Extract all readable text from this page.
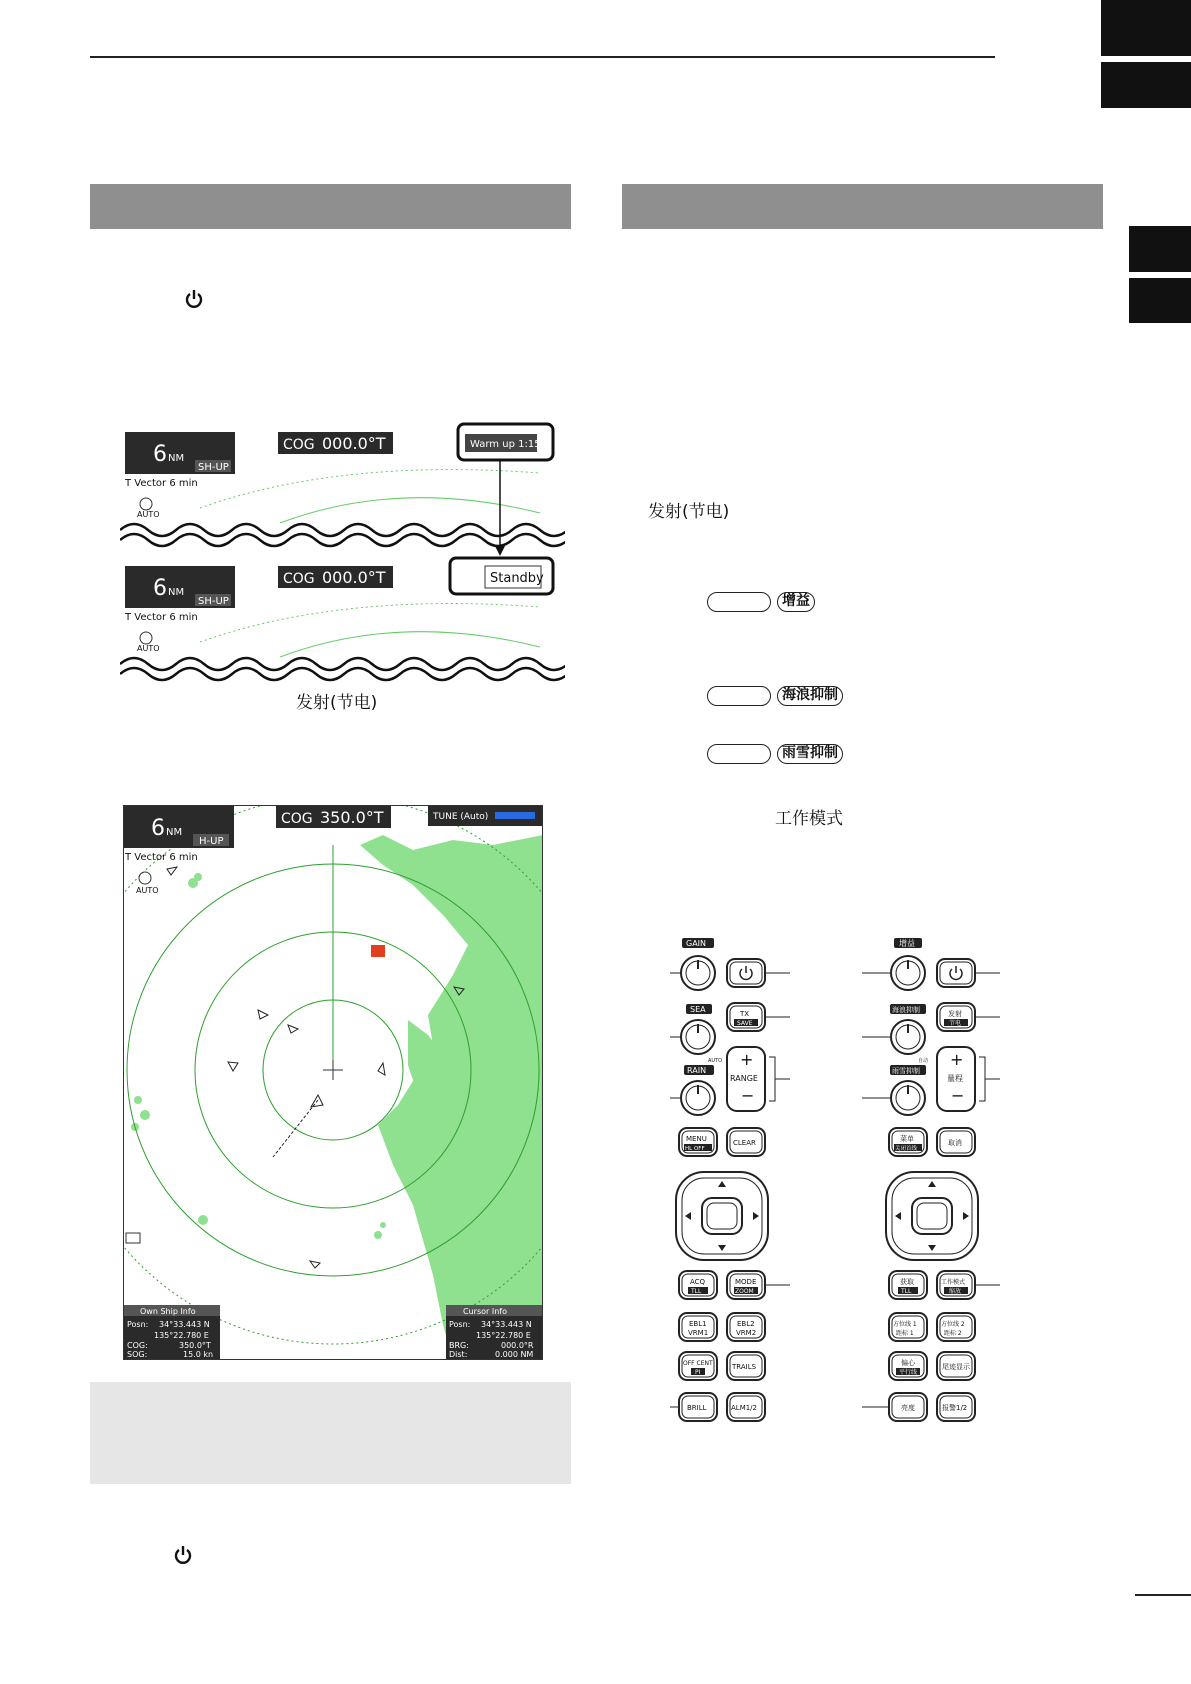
6 NM
SH-UP
T Vector 6 min
AUTO
COG 000.0°T	Warm up 1:15
6 NM
SH-UP
T Vector 6 min
AUTO
COG 000.0°T	Standby
发射(节电)
6 NM
H-UP
T Vector 6 min
AUTO
COG 350.0°T	TUNE (Auto)
Own Ship Info
Posn: 34°33.443 N
135°22.780 E
COG:	350.0°T
SOG:	15.0 kn
Cursor Info
Posn: 34°33.443 N
135°22.780 E
BRG:	000.0°R
Dist:	0.000 NM
发射(节电)
增益
海浪抑制
雨雪抑制
工作模式
GAIN
SEA
AUTO
RAIN
TX
SAVE
+
RANGE
−
MENU
HL OFF
CLEAR
ACQ
TLL
MODE
ZOOM
EBL1
VRM1
EBL2
VRM2
OFF CENT
PI
TRAILS
BRILL	ALM1/2
增益
海浪抑制
自动
雨雪抑制
发射
节电
+
量程
−
菜单
关闭首线
取消
获取
TLL
工作模式
缩放
方位线 1
距标 1
方位线 2
距标 2
偏心
平行线
尾迹显示
亮度	报警1/2
